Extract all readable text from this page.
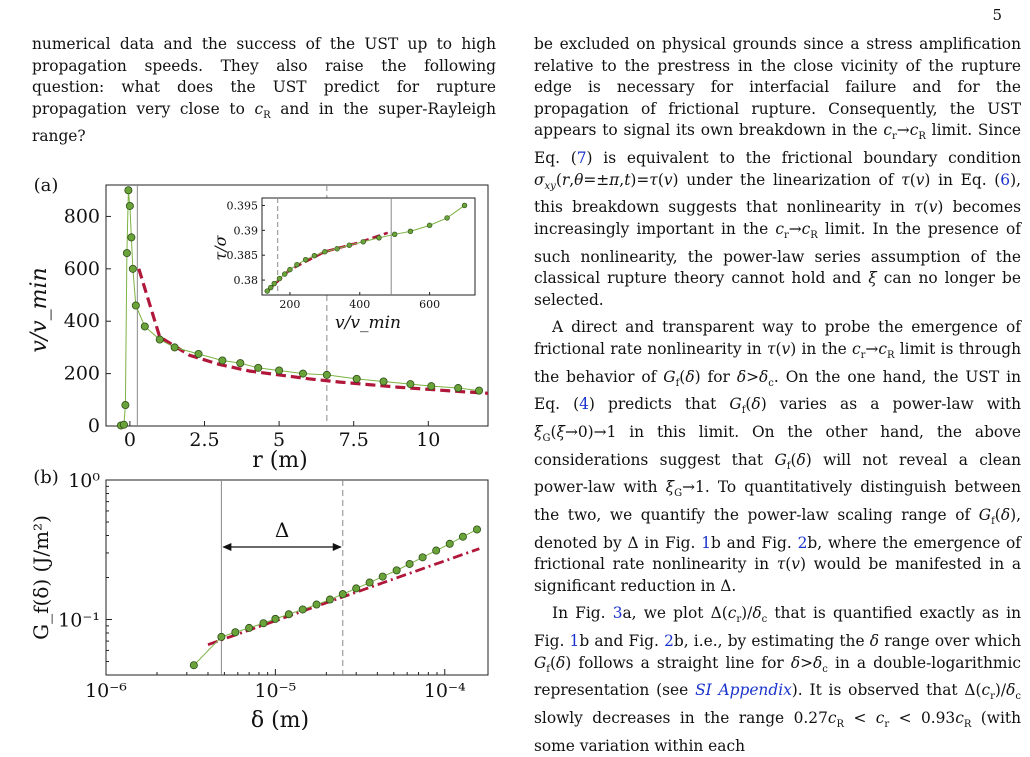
5

numerical data and the success of the UST up to high propagation speeds. They also raise the following question: what does the UST predict for rupture propagation very close to $c_R$ and in the super-Rayleigh range?

0	2.5	5	7.5 10
0
200
400
600
800
(a)
r (m)
v/v_min	200	400	600
0.38
0.385
0.39
0.395
v/v_min
τ/σ
10⁻⁶	10⁻⁵	10⁻⁴
10⁰
10⁻¹
Δ
(b)
δ (m)
G_f(δ) (J/m²)

be excluded on physical grounds since a stress amplification relative to the prestress in the close vicinity of the rupture edge is necessary for interfacial failure and for the propagation of frictional rupture. Consequently, the UST appears to signal its own breakdown in the $c_r\to c_R$ limit. Since Eq. (7) is equivalent to the frictional boundary condition $\sigma_{xy}(r,\theta=\pm\pi,t)=\tau(v)$ under the linearization of τ(v) in Eq. (6), this breakdown suggests that nonlinearity in τ(v) becomes increasingly important in the $c_r\to c_R$ limit. In the presence of such nonlinearity, the power-law series assumption of the classical rupture theory cannot hold and ξ can no longer be selected.

A direct and transparent way to probe the emergence of frictional rate nonlinearity in τ(v) in the $c_r\to c_R$ limit is through the behavior of $G_f(\delta)$ for $\delta>\delta_c$. On the one hand, the UST in Eq. (4) predicts that $G_f(\delta)$ varies as a power-law with $\xi_G(\xi\to 0)\to 1$ in this limit. On the other hand, the above considerations suggest that $G_f(\delta)$ will not reveal a clean power-law with $\xi_G\to 1$. To quantitatively distinguish between the two, we quantify the power-law scaling range of $G_f(\delta)$, denoted by Δ in Fig. 1b and Fig. 2b, where the emergence of frictional rate nonlinearity in τ(v) would be manifested in a significant reduction in Δ.

In Fig. 3a, we plot $\Delta(c_r)/\delta_c$ that is quantified exactly as in Fig. 1b and Fig. 2b, i.e., by estimating the δ range over which $G_f(\delta)$ follows a straight line for $\delta>\delta_c$ in a double-logarithmic representation (see SI Appendix). It is observed that $\Delta(c_r)/\delta_c$ slowly decreases in the range $0.27c_R < c_r < 0.93c_R$ (with some variation within each
